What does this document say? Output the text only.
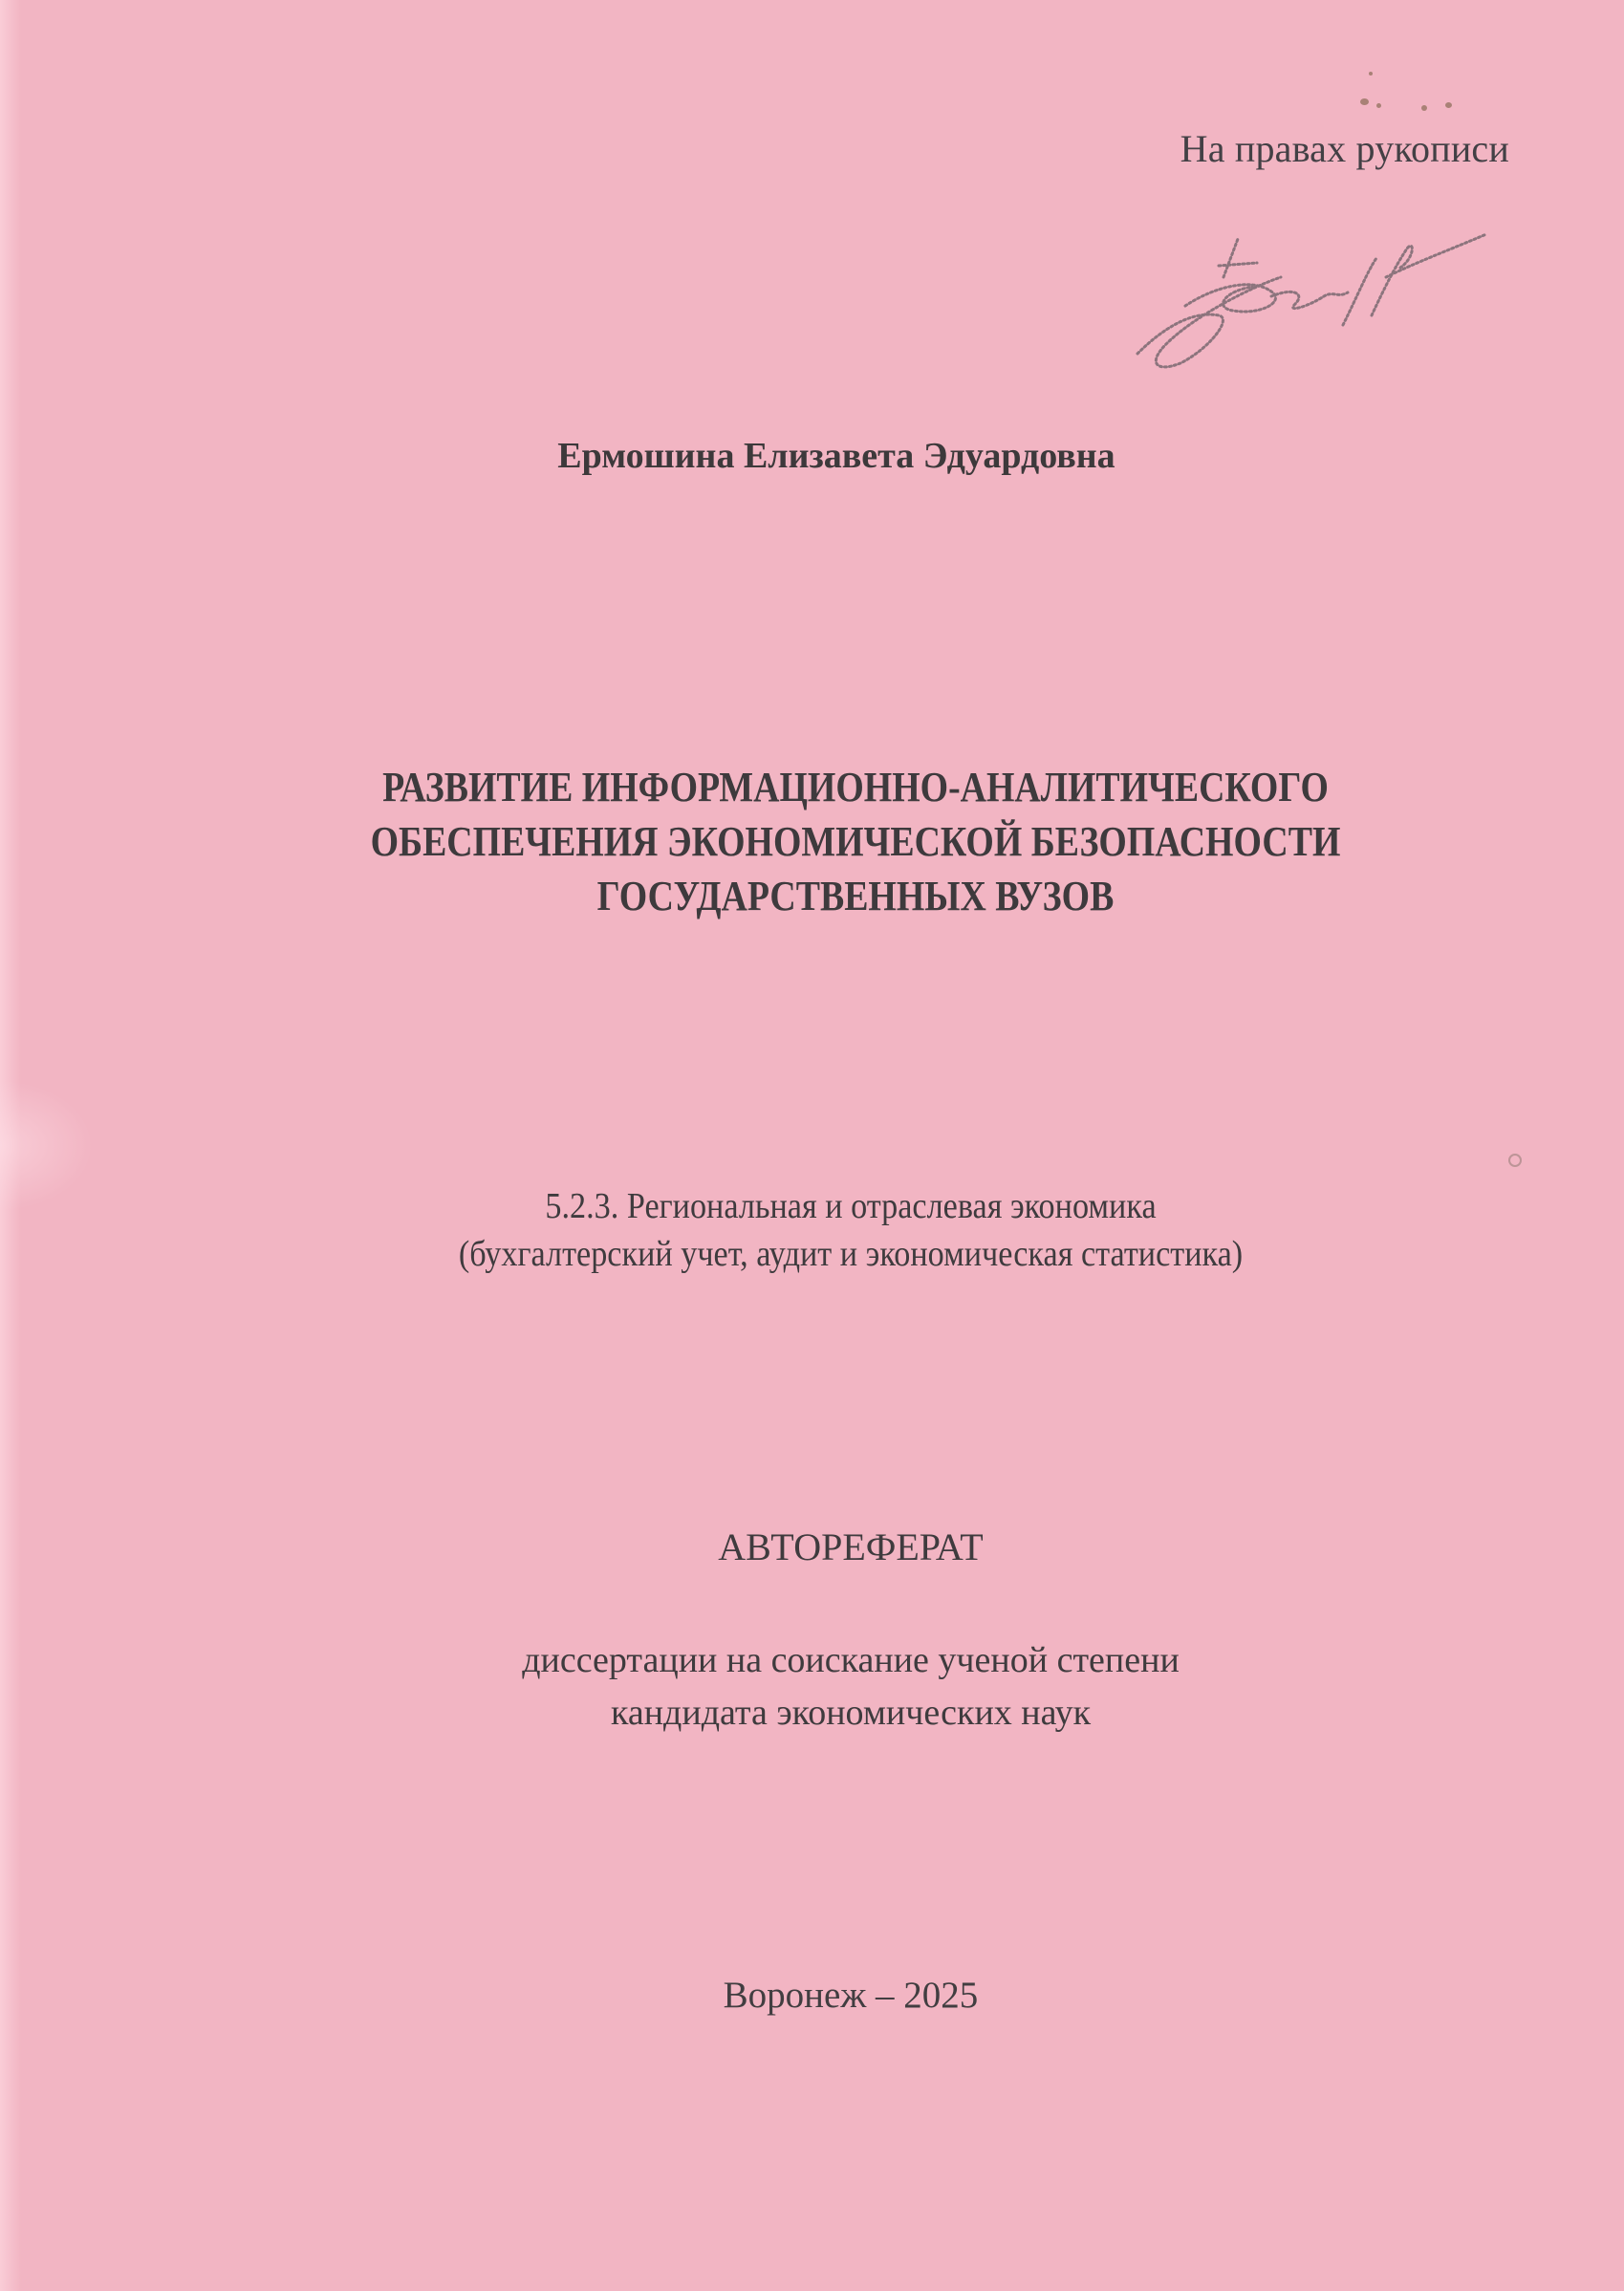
На правах рукописи
Ермошина Елизавета Эдуардовна
РАЗВИТИЕ ИНФОРМАЦИОННО-АНАЛИТИЧЕСКОГО
ОБЕСПЕЧЕНИЯ ЭКОНОМИЧЕСКОЙ БЕЗОПАСНОСТИ
ГОСУДАРСТВЕННЫХ ВУЗОВ
5.2.3. Региональная и отраслевая экономика
(бухгалтерский учет, аудит и экономическая статистика)
АВТОРЕФЕРАТ
диссертации на соискание ученой степени
кандидата экономических наук
Воронеж – 2025
